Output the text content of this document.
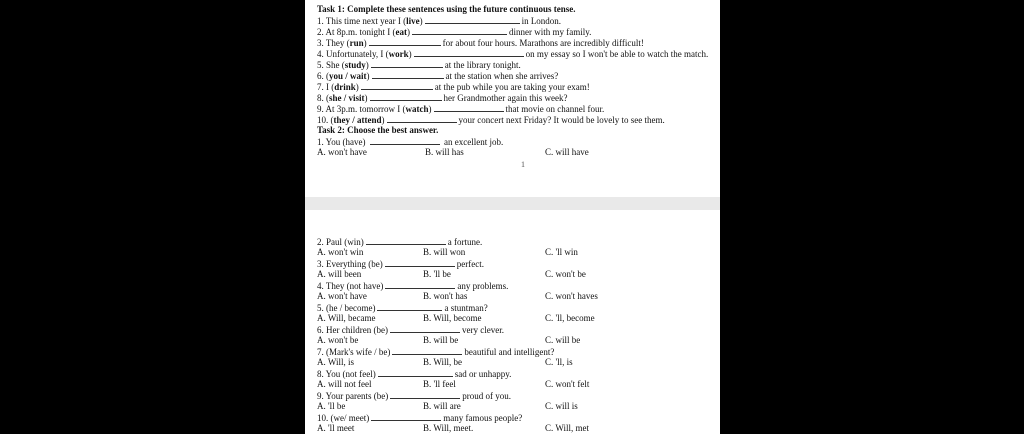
Task 1: Complete these sentences using the future continuous tense.
1. This time next year I (live)	in London.
2. At 8p.m. tonight I (eat)	dinner with my family.
3. They (run)	for about four hours. Marathons are incredibly difficult!
4. Unfortunately, I (work)	on my essay so I won't be able to watch the match.
5. She (study)	at the library tonight.
6. (you / wait)	at the station when she arrives?
7. I (drink)	at the pub while you are taking your exam!
8. (she / visit)	her Grandmother again this week?
9. At 3p.m. tomorrow I (watch)	that movie on channel four.
10. (they / attend)	your concert next Friday? It would be lovely to see them.
Task 2: Choose the best answer.
1. You (have)	an excellent job.
A. won't have	B. will has	C. will have
1
2. Paul (win)	a fortune.
A. won't win	B. will won	C. 'll win
3. Everything (be)	perfect.
A. will been	B. 'll be	C. won't be
4. They (not have)	any problems.
A. won't have	B. won't has	C. won't haves
5. (he / become)	a stuntman?
A. Will, became	B. Will, become	C. 'll, become
6. Her children (be)	very clever.
A. won't be	B. will be	C. will be
7. (Mark's wife / be)	beautiful and intelligent?
A. Will, is	B. Will, be	C. 'll, is
8. You (not feel)	sad or unhappy.
A. will not feel	B. 'll feel	C. won't felt
9. Your parents (be)	proud of you.
A. 'll be	B. will are	C. will is
10. (we/ meet)	many famous people?
A. 'll meet	B. Will, meet.	C. Will, met
